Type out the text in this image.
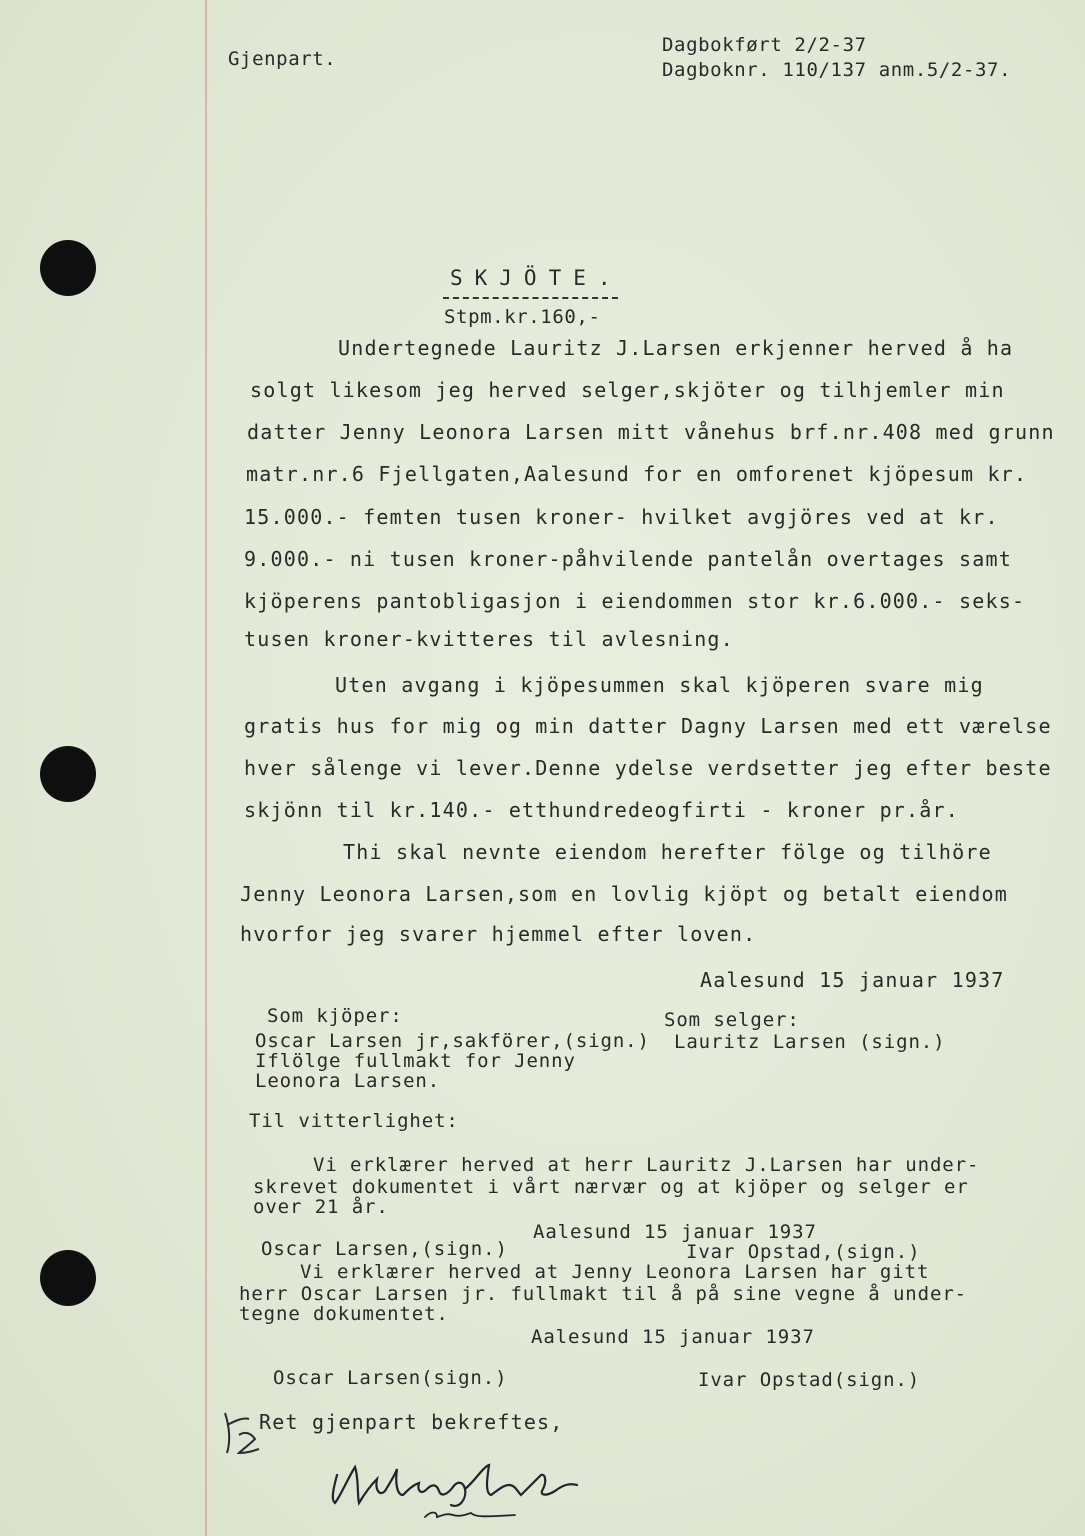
Gjenpart.
Dagbokført 2/2-37
Dagboknr. 110/137 anm.5/2-37.
SKJÖTE.
Stpm.kr.160,-
Undertegnede Lauritz J.Larsen erkjenner herved å ha
solgt likesom jeg herved selger,skjöter og tilhjemler min
datter Jenny Leonora Larsen mitt vånehus brf.nr.408 med grunn
matr.nr.6 Fjellgaten,Aalesund for en omforenet kjöpesum kr.
15.000.- femten tusen kroner- hvilket avgjöres ved at kr.
9.000.- ni tusen kroner-påhvilende pantelån overtages samt
kjöperens pantobligasjon i eiendommen stor kr.6.000.- seks-
tusen kroner-kvitteres til avlesning.
Uten avgang i kjöpesummen skal kjöperen svare mig
gratis hus for mig og min datter Dagny Larsen med ett værelse
hver sålenge vi lever.Denne ydelse verdsetter jeg efter beste
skjönn til kr.140.- etthundredeogfirti - kroner pr.år.
Thi skal nevnte eiendom herefter fölge og tilhöre
Jenny Leonora Larsen,som en lovlig kjöpt og betalt eiendom
hvorfor jeg svarer hjemmel efter loven.
Aalesund 15 januar 1937
Som kjöper:
Oscar Larsen jr,sakförer,(sign.)
Iflölge fullmakt for Jenny
Leonora Larsen.
Som selger:
Lauritz Larsen (sign.)
Til vitterlighet:
Vi erklærer herved at herr Lauritz J.Larsen har under-
skrevet dokumentet i vårt nærvær og at kjöper og selger er
over 21 år.
Aalesund 15 januar 1937
Oscar Larsen,(sign.)	Ivar Opstad,(sign.)
Vi erklærer herved at Jenny Leonora Larsen har gitt
herr Oscar Larsen jr. fullmakt til å på sine vegne å under-
tegne dokumentet.
Aalesund 15 januar 1937
Oscar Larsen(sign.)	Ivar Opstad(sign.)
Ret gjenpart bekreftes,
